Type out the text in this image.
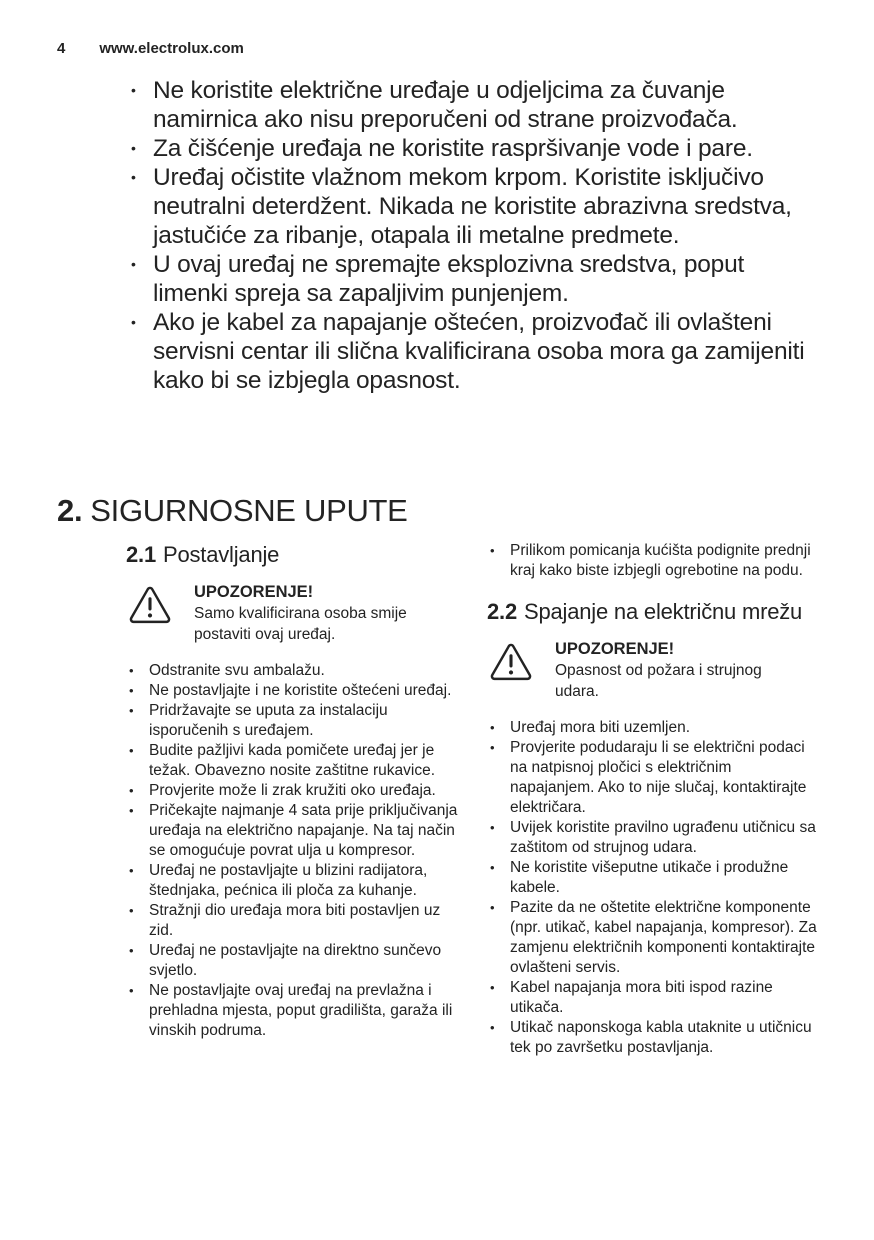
4 www.electrolux.com
• Ne koristite električne uređaje u odjeljcima za čuvanje namirnica ako nisu preporučeni od strane proizvođača.
• Za čišćenje uređaja ne koristite raspršivanje vode i pare.
• Uređaj očistite vlažnom mekom krpom. Koristite isključivo neutralni deterdžent. Nikada ne koristite abrazivna sredstva, jastučiće za ribanje, otapala ili metalne predmete.
• U ovaj uređaj ne spremajte eksplozivna sredstva, poput limenki spreja sa zapaljivim punjenjem.
• Ako je kabel za napajanje oštećen, proizvođač ili ovlašteni servisni centar ili slična kvalificirana osoba mora ga zamijeniti kako bi se izbjegla opasnost.
2. SIGURNOSNE UPUTE
2.1 Postavljanje
UPOZORENJE!
Samo kvalificirana osoba smije postaviti ovaj uređaj.
• Odstranite svu ambalažu.
• Ne postavljajte i ne koristite oštećeni uređaj.
• Pridržavajte se uputa za instalaciju isporučenih s uređajem.
• Budite pažljivi kada pomičete uređaj jer je težak. Obavezno nosite zaštitne rukavice.
• Provjerite može li zrak kružiti oko uređaja.
• Pričekajte najmanje 4 sata prije priključivanja uređaja na električno napajanje. Na taj način se omogućuje povrat ulja u kompresor.
• Uređaj ne postavljajte u blizini radijatora, štednjaka, pećnica ili ploča za kuhanje.
• Stražnji dio uređaja mora biti postavljen uz zid.
• Uređaj ne postavljajte na direktno sunčevo svjetlo.
• Ne postavljajte ovaj uređaj na prevlažna i prehladna mjesta, poput gradilišta, garaža ili vinskih podruma.
• Prilikom pomicanja kućišta podignite prednji kraj kako biste izbjegli ogrebotine na podu.
2.2 Spajanje na električnu mrežu
UPOZORENJE!
Opasnost od požara i strujnog udara.
• Uređaj mora biti uzemljen.
• Provjerite podudaraju li se električni podaci na natpisnoj pločici s električnim napajanjem. Ako to nije slučaj, kontaktirajte električara.
• Uvijek koristite pravilno ugrađenu utičnicu sa zaštitom od strujnog udara.
• Ne koristite višeputne utikače i produžne kabele.
• Pazite da ne oštetite električne komponente (npr. utikač, kabel napajanja, kompresor). Za zamjenu električnih komponenti kontaktirajte ovlašteni servis.
• Kabel napajanja mora biti ispod razine utikača.
• Utikač naponskoga kabla utaknite u utičnicu tek po završetku postavljanja.
